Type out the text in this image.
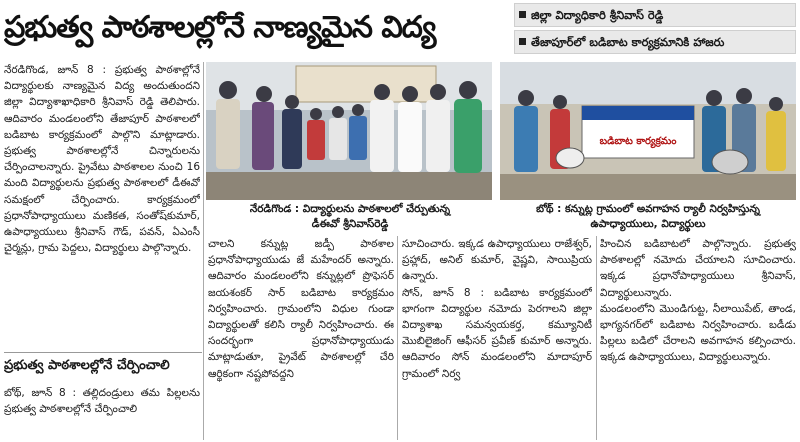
ప్రభుత్వ పాఠశాలల్లోనే నాణ్యమైన విద్య	జిల్లా విద్యాధికారి శ్రీనివాస్ రెడ్డి
తేజాపూర్‌లో బడిబాట కార్యక్రమానికి హాజరు
నేరడిగొండ, జూన్ 8 : ప్రభుత్వ పాఠశాల్లోనే విద్యార్థులకు నాణ్యమైన విద్య అందుతుందని జిల్లా విద్యాశాఖాధికారి శ్రీనివాస్ రెడ్డి తెలిపారు. ఆదివారం మండలంలోని తేజాపూర్ పాఠశాలలో బడిబాట కార్యక్రమంలో పాల్గొని మాట్లాడారు. ప్రభుత్వ పాఠశాలల్లోనే చిన్నారులను చేర్పించాలన్నారు. ప్రైవేటు పాఠశాలల నుంచి 16 మంది విద్యార్థులను ప్రభుత్వ పాఠశాలలో డీఈవో సమక్షంలో చేర్పించారు. కార్యక్రమంలో ప్రధానోపాధ్యాయులు మణికత, సంతోష్‌కుమార్, ఉపాధ్యాయులు శ్రీనివాస్ గౌడ్, పవన్, ఏఎంసీ చైర్మన్లు, గ్రామ పెద్దలు, విద్యార్థులు పాల్గొన్నారు.
ప్రభుత్వ పాఠశాలల్లోనే చేర్పించాలి
బోథ్, జూన్ 8 : తల్లిదండ్రులు తమ పిల్లలను ప్రభుత్వ పాఠశాలల్లోనే చేర్పించాలి
బడిబాట కార్యక్రమం
నేరడిగొండ : విద్యార్థులను పాఠశాలలో చేర్పుతున్న
డీఈవో శ్రీనివాస్‌రెడ్డి
బోథ్ : కన్నుట్ల గ్రామంలో అవగాహన ర్యాలీ నిర్వహిస్తున్న
ఉపాధ్యాయులు, విద్యార్థులు
చాలని కన్నుట్ల జడ్పీ పాఠశాల ప్రధానోపాధ్యాయుడు జే మహేందర్ అన్నారు. ఆదివారం మండలంలోని కన్నుట్లలో ప్రొఫెసర్ జయశంకర్ సార్ బడిబాట కార్యక్రమం నిర్వహించారు. గ్రామంలోని విధుల గుండా విద్యార్థులతో కలిసి ర్యాలీ నిర్వహించారు. ఈ సందర్భంగా ప్రధానోపాధ్యాయుడు మాట్లాడుతూ, ప్రైవేట్ పాఠశాలల్లో చేరి ఆర్థికంగా నష్టపోవద్దని
సూచించారు. ఇక్కడ ఉపాధ్యాయులు రాజేశ్వర్, ప్రహ్లాద్, అనిల్ కుమార్, వైష్ణవి, సాయిప్రియ ఉన్నారు.
సోన్, జూన్ 8 : బడిబాట కార్యక్రమంలో భాగంగా విద్యార్థుల నమోదు పెరగాలని జిల్లా విద్యాశాఖ సమన్వయకర్త, కమ్యూనిటీ మొబిలైజింగ్ ఆఫీసర్ ప్రవీణ్ కుమార్ అన్నారు. ఆదివారం సోన్ మండలంలోని మాదాపూర్ గ్రామంలో నిర్వ
హించిన బడిబాటలో పాల్గొన్నారు. ప్రభుత్వ పాఠశాలల్లో నమోదు చేయాలని సూచించారు. ఇక్కడ ప్రధానోపాధ్యాయులు శ్రీనివాస్, విద్యార్థులున్నారు.
మండలంలోని మొండిగుట్ట, నీలాయిపేట్, తాండ, భాగ్యనగర్‌లో బడిబాట నిర్వహించారు. బడీడు పిల్లలు బడిలో చేరాలని అవగాహన కల్పించారు. ఇక్కడ ఉపాధ్యాయులు, విద్యార్థులున్నారు.
